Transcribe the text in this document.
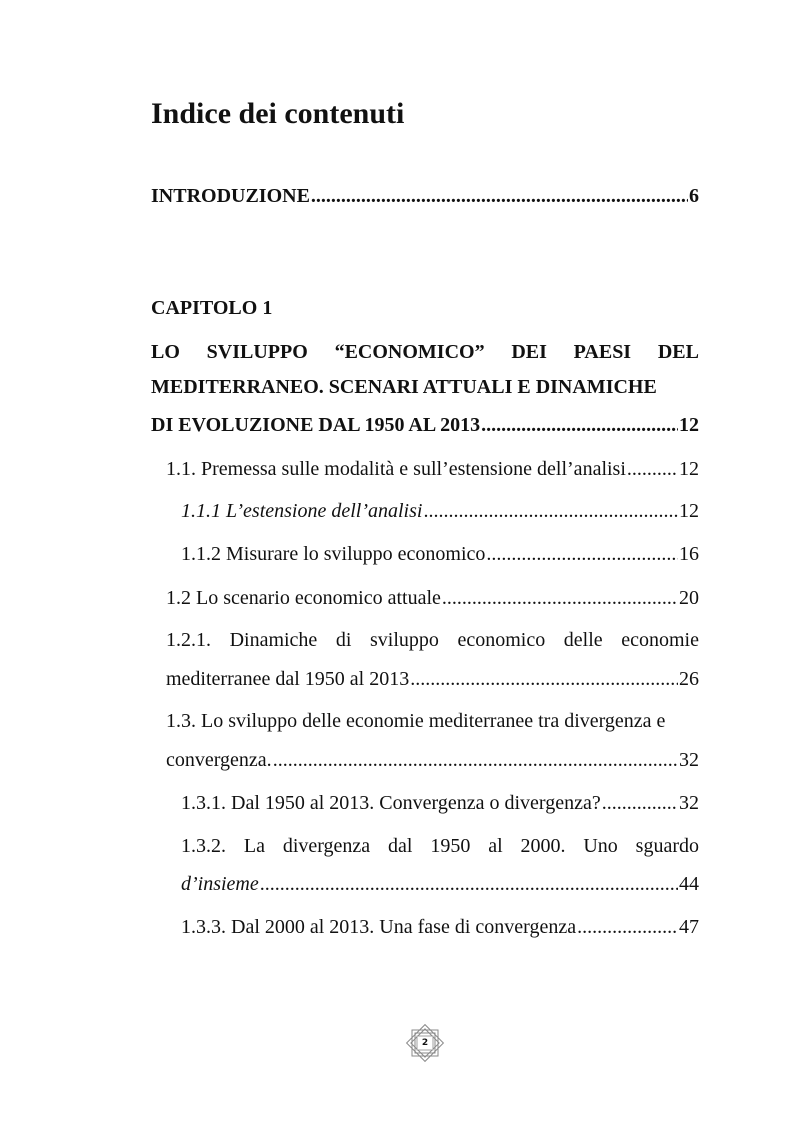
Indice dei contenuti
INTRODUZIONE .....	6
CAPITOLO 1
LO SVILUPPO “ECONOMICO” DEI PAESI DEL
MEDITERRANEO. SCENARI ATTUALI E DINAMICHE
DI EVOLUZIONE DAL 1950 AL 2013 .....	12
1.1. Premessa sulle modalità e sull’estensione dell’analisi .....	12
1.1.1 L’estensione dell’analisi .....	12
1.1.2 Misurare lo sviluppo economico .....	16
1.2 Lo scenario economico attuale .....	20
1.2.1. Dinamiche di sviluppo economico delle economie
mediterranee dal 1950 al 2013 .....	26
1.3. Lo sviluppo delle economie mediterranee tra divergenza e
convergenza. .....	32
1.3.1. Dal 1950 al 2013. Convergenza o divergenza? .....	32
1.3.2. La divergenza dal 1950 al 2000. Uno sguardo
d’insieme .....	44
1.3.3. Dal 2000 al 2013. Una fase di convergenza .....	47
2
